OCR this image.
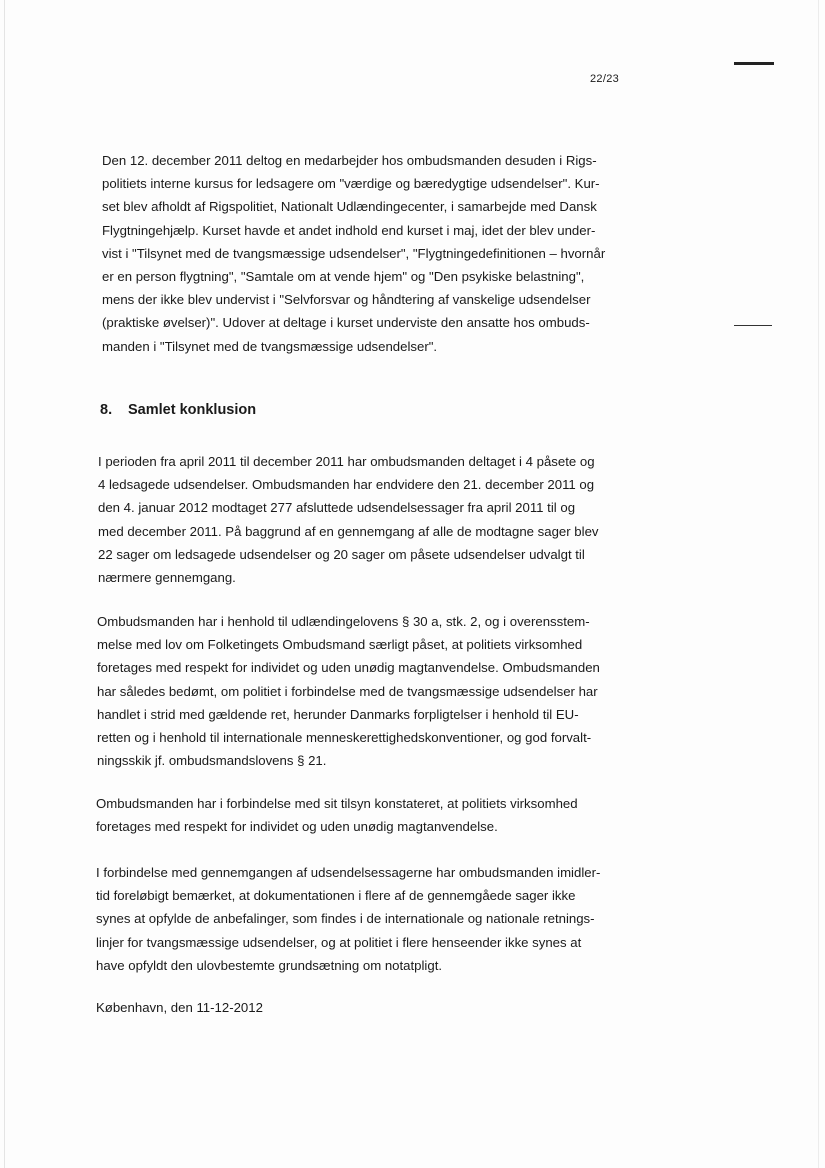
22/23

Den 12. december 2011 deltog en medarbejder hos ombudsmanden desuden i Rigs-
politiets interne kursus for ledsagere om "værdige og bæredygtige udsendelser". Kur-
set blev afholdt af Rigspolitiet, Nationalt Udlændingecenter, i samarbejde med Dansk
Flygtningehjælp. Kurset havde et andet indhold end kurset i maj, idet der blev under-
vist i "Tilsynet med de tvangsmæssige udsendelser", "Flygtningedefinitionen – hvornår
er en person flygtning", "Samtale om at vende hjem" og "Den psykiske belastning",
mens der ikke blev undervist i "Selvforsvar og håndtering af vanskelige udsendelser
(praktiske øvelser)". Udover at deltage i kurset underviste den ansatte hos ombuds-
manden i "Tilsynet med de tvangsmæssige udsendelser".

8. Samlet konklusion

I perioden fra april 2011 til december 2011 har ombudsmanden deltaget i 4 påsete og
4 ledsagede udsendelser. Ombudsmanden har endvidere den 21. december 2011 og
den 4. januar 2012 modtaget 277 afsluttede udsendelsessager fra april 2011 til og
med december 2011. På baggrund af en gennemgang af alle de modtagne sager blev
22 sager om ledsagede udsendelser og 20 sager om påsete udsendelser udvalgt til
nærmere gennemgang.

Ombudsmanden har i henhold til udlændingelovens § 30 a, stk. 2, og i overensstem-
melse med lov om Folketingets Ombudsmand særligt påset, at politiets virksomhed
foretages med respekt for individet og uden unødig magtanvendelse. Ombudsmanden
har således bedømt, om politiet i forbindelse med de tvangsmæssige udsendelser har
handlet i strid med gældende ret, herunder Danmarks forpligtelser i henhold til EU-
retten og i henhold til internationale menneskerettighedskonventioner, og god forvalt-
ningsskik jf. ombudsmandslovens § 21.

Ombudsmanden har i forbindelse med sit tilsyn konstateret, at politiets virksomhed
foretages med respekt for individet og uden unødig magtanvendelse.

I forbindelse med gennemgangen af udsendelsessagerne har ombudsmanden imidler-
tid foreløbigt bemærket, at dokumentationen i flere af de gennemgåede sager ikke
synes at opfylde de anbefalinger, som findes i de internationale og nationale retnings-
linjer for tvangsmæssige udsendelser, og at politiet i flere henseender ikke synes at
have opfyldt den ulovbestemte grundsætning om notatpligt.

København, den 11-12-2012
